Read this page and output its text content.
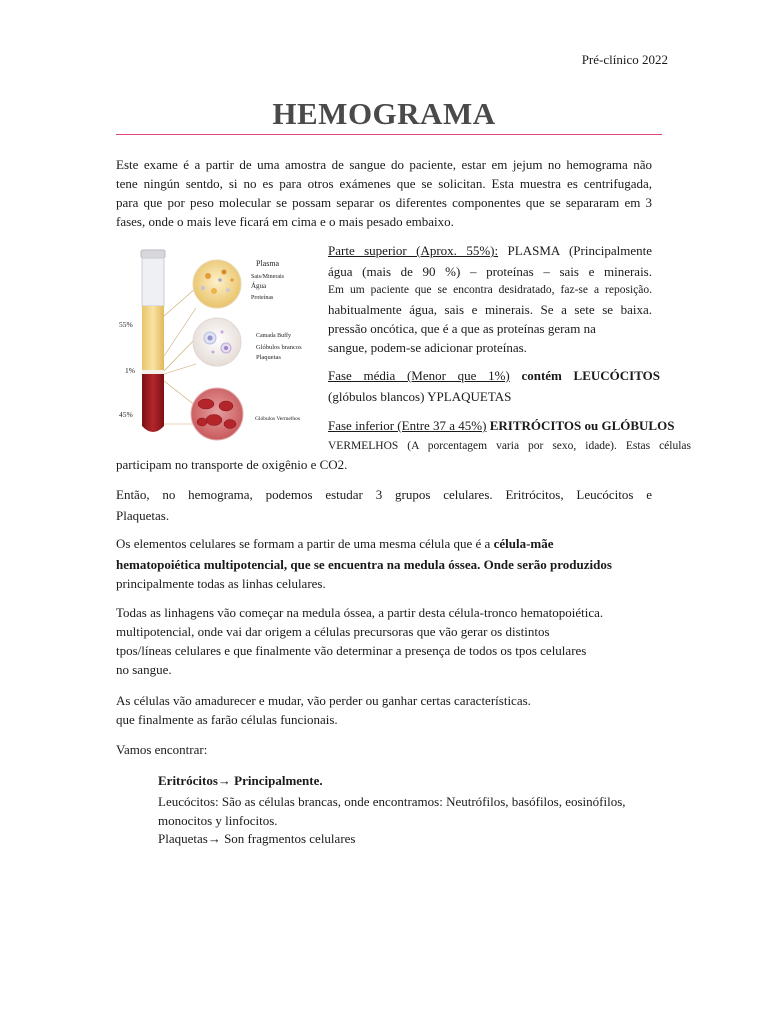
Pré-clínico 2022
HEMOGRAMA
Este exame é a partir de uma amostra de sangue do paciente, estar em jejum no hemograma não
tene ningún sentdo, si no es para otros exámenes que se solicitan. Esta muestra es centrifugada,
para que por peso molecular se possam separar os diferentes componentes que se separaram em 3
fases, onde o mais leve ficará em cima e o mais pesado embaixo.
55%
1%
45%
Plasma
Sais/Minerais
Água
Proteínas
Camada Buffy
Glóbulos brancos
Plaquetas
Glóbulos Vermelhos
Parte superior (Aprox. 55%): PLASMA (Principalmente
água (mais de 90 %) – proteínas – sais e minerais.
Em um paciente que se encontra desidratado, faz-se a reposição.
habitualmente água, sais e minerais. Se a sete se baixa.
pressão oncótica, que é a que as proteínas geram na
sangue, podem-se adicionar proteínas.
Fase média (Menor que 1%) contém LEUCÓCITOS
(glóbulos blancos) YPLAQUETAS
Fase inferior (Entre 37 a 45%) ERITRÓCITOS ou GLÓBULOS
VERMELHOS (A porcentagem varia por sexo, idade). Estas células
participam no transporte de oxigênio e CO2.
Então, no hemograma, podemos estudar 3 grupos celulares. Eritrócitos, Leucócitos e
Plaquetas.
Os elementos celulares se formam a partir de uma mesma célula que é a célula-mãe
hematopoiética multipotencial, que se encuentra na medula óssea. Onde serão produzidos
principalmente todas as linhas celulares.
Todas as linhagens vão começar na medula óssea, a partir desta célula-tronco hematopoiética.
multipotencial, onde vai dar origem a células precursoras que vão gerar os distintos
tpos/líneas celulares e que finalmente vão determinar a presença de todos os tpos celulares
no sangue.
As células vão amadurecer e mudar, vão perder ou ganhar certas características.
que finalmente as farão células funcionais.
Vamos encontrar:
Eritrócitos→ Principalmente.
Leucócitos: São as células brancas, onde encontramos: Neutrófilos, basófilos, eosinófilos,
monocitos y linfocitos.
Plaquetas→ Son fragmentos celulares
